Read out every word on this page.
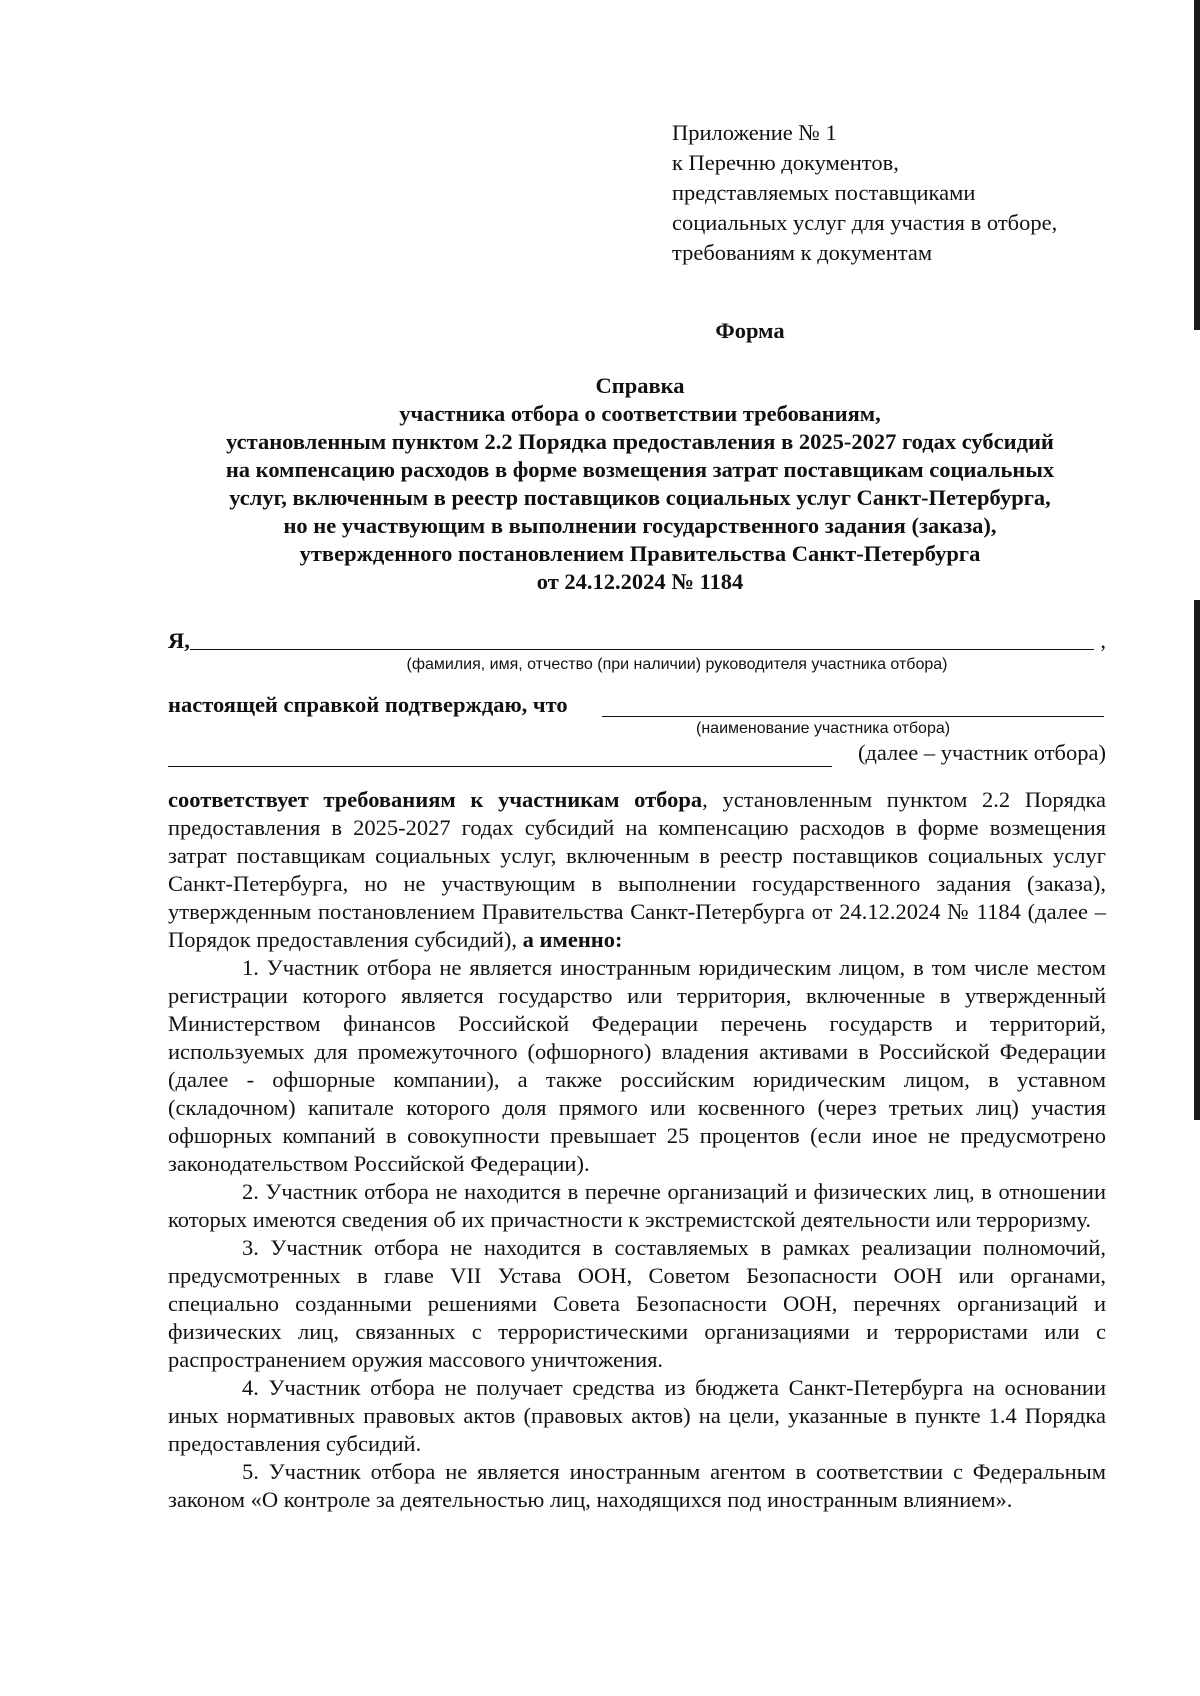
Приложение № 1
к Перечню документов,
представляемых поставщиками
социальных услуг для участия в отборе,
требованиям к документам
Форма
Справка
участника отбора о соответствии требованиям,
установленным пунктом 2.2 Порядка предоставления в 2025-2027 годах субсидий
на компенсацию расходов в форме возмещения затрат поставщикам социальных
услуг, включенным в реестр поставщиков социальных услуг Санкт-Петербурга,
но не участвующим в выполнении государственного задания (заказа),
утвержденного постановлением Правительства Санкт-Петербурга
от 24.12.2024 № 1184
Я,	,
(фамилия, имя, отчество (при наличии) руководителя участника отбора)
настоящей справкой подтверждаю, что
(наименование участника отбора)
(далее – участник отбора)

соответствует требованиям к участникам отбора, установленным пунктом 2.2 Порядка предоставления в 2025-2027 годах субсидий на компенсацию расходов в форме возмещения затрат поставщикам социальных услуг, включенным в реестр поставщиков социальных услуг Санкт-Петербурга, но не участвующим в выполнении государственного задания (заказа), утвержденным постановлением Правительства Санкт-Петербурга от 24.12.2024 № 1184 (далее – Порядок предоставления субсидий), а именно:

1. Участник отбора не является иностранным юридическим лицом, в том числе местом регистрации которого является государство или территория, включенные в утвержденный Министерством финансов Российской Федерации перечень государств и территорий, используемых для промежуточного (офшорного) владения активами в Российской Федерации (далее - офшорные компании), а также российским юридическим лицом, в уставном (складочном) капитале которого доля прямого или косвенного (через третьих лиц) участия офшорных компаний в совокупности превышает 25 процентов (если иное не предусмотрено законодательством Российской Федерации).

2. Участник отбора не находится в перечне организаций и физических лиц, в отношении которых имеются сведения об их причастности к экстремистской деятельности или терроризму.

3. Участник отбора не находится в составляемых в рамках реализации полномочий, предусмотренных в главе VII Устава ООН, Советом Безопасности ООН или органами, специально созданными решениями Совета Безопасности ООН, перечнях организаций и физических лиц, связанных с террористическими организациями и террористами или с распространением оружия массового уничтожения.

4. Участник отбора не получает средства из бюджета Санкт-Петербурга на основании иных нормативных правовых актов (правовых актов) на цели, указанные в пункте 1.4 Порядка предоставления субсидий.

5. Участник отбора не является иностранным агентом в соответствии с Федеральным законом «О контроле за деятельностью лиц, находящихся под иностранным влиянием».
